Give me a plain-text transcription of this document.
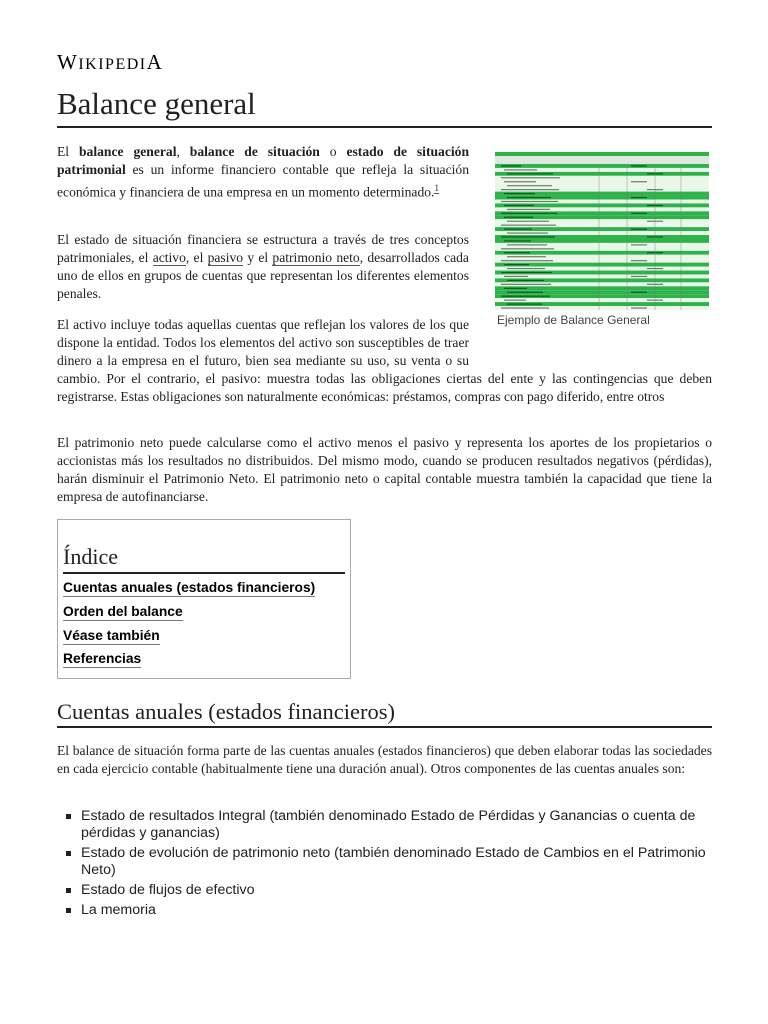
WIKIPEDIA
Balance general

El balance general, balance de situación o estado de situación patrimonial es un informe financiero contable que refleja la situación económica y financiera de una empresa en un momento determinado.$^1$

El estado de situación financiera se estructura a través de tres conceptos patrimoniales, el activo, el pasivo y el patrimonio neto, desarrollados cada uno de ellos en grupos de cuentas que representan los diferentes elementos penales.

El activo incluye todas aquellas cuentas que reflejan los valores de los que dispone la entidad. Todos los elementos del activo son susceptibles de traer dinero a la empresa en el futuro, bien sea mediante su uso, su venta o su cambio. Por el contrario, el pasivo: muestra todas las obligaciones ciertas del ente y las contingencias que deben registrarse. Estas obligaciones son naturalmente económicas: préstamos, compras con pago diferido, entre otros

El patrimonio neto puede calcularse como el activo menos el pasivo y representa los aportes de los propietarios o accionistas más los resultados no distribuidos. Del mismo modo, cuando se producen resultados negativos (pérdidas), harán disminuir el Patrimonio Neto. El patrimonio neto o capital contable muestra también la capacidad que tiene la empresa de autofinanciarse.

Ejemplo de Balance General
Índice
Cuentas anuales (estados financieros)
Orden del balance
Véase también
Referencias
Cuentas anuales (estados financieros)

El balance de situación forma parte de las cuentas anuales (estados financieros) que deben elaborar todas las sociedades en cada ejercicio contable (habitualmente tiene una duración anual). Otros componentes de las cuentas anuales son:

Estado de resultados Integral (también denominado Estado de Pérdidas y Ganancias o cuenta de pérdidas y ganancias)
Estado de evolución de patrimonio neto (también denominado Estado de Cambios en el Patrimonio Neto)
Estado de flujos de efectivo
La memoria
